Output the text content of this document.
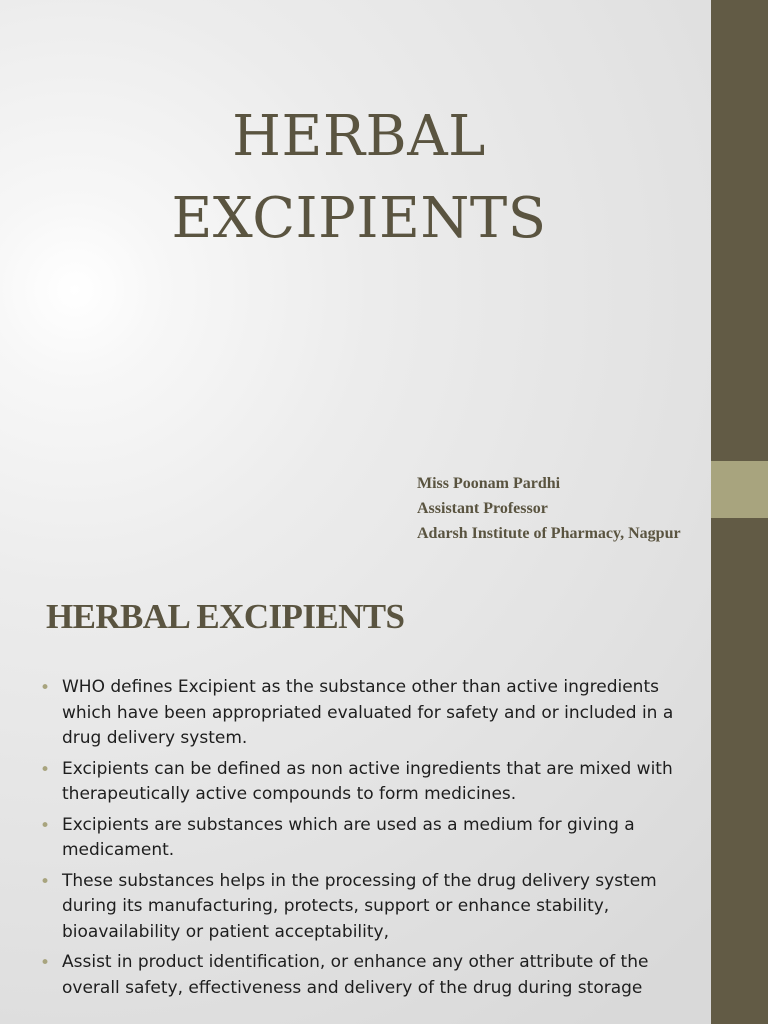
HERBAL
EXCIPIENTS
Miss Poonam Pardhi
Assistant Professor
Adarsh Institute of Pharmacy, Nagpur
HERBAL EXCIPIENTS
• WHO defines Excipient as the substance other than active ingredients which have been appropriated evaluated for safety and or included in a drug delivery system.
• Excipients can be defined as non active ingredients that are mixed with therapeutically active compounds to form medicines.
• Excipients are substances which are used as a medium for giving a medicament.
• These substances helps in the processing of the drug delivery system during its manufacturing, protects, support or enhance stability, bioavailability or patient acceptability,
• Assist in product identification, or enhance any other attribute of the overall safety, effectiveness and delivery of the drug during storage
